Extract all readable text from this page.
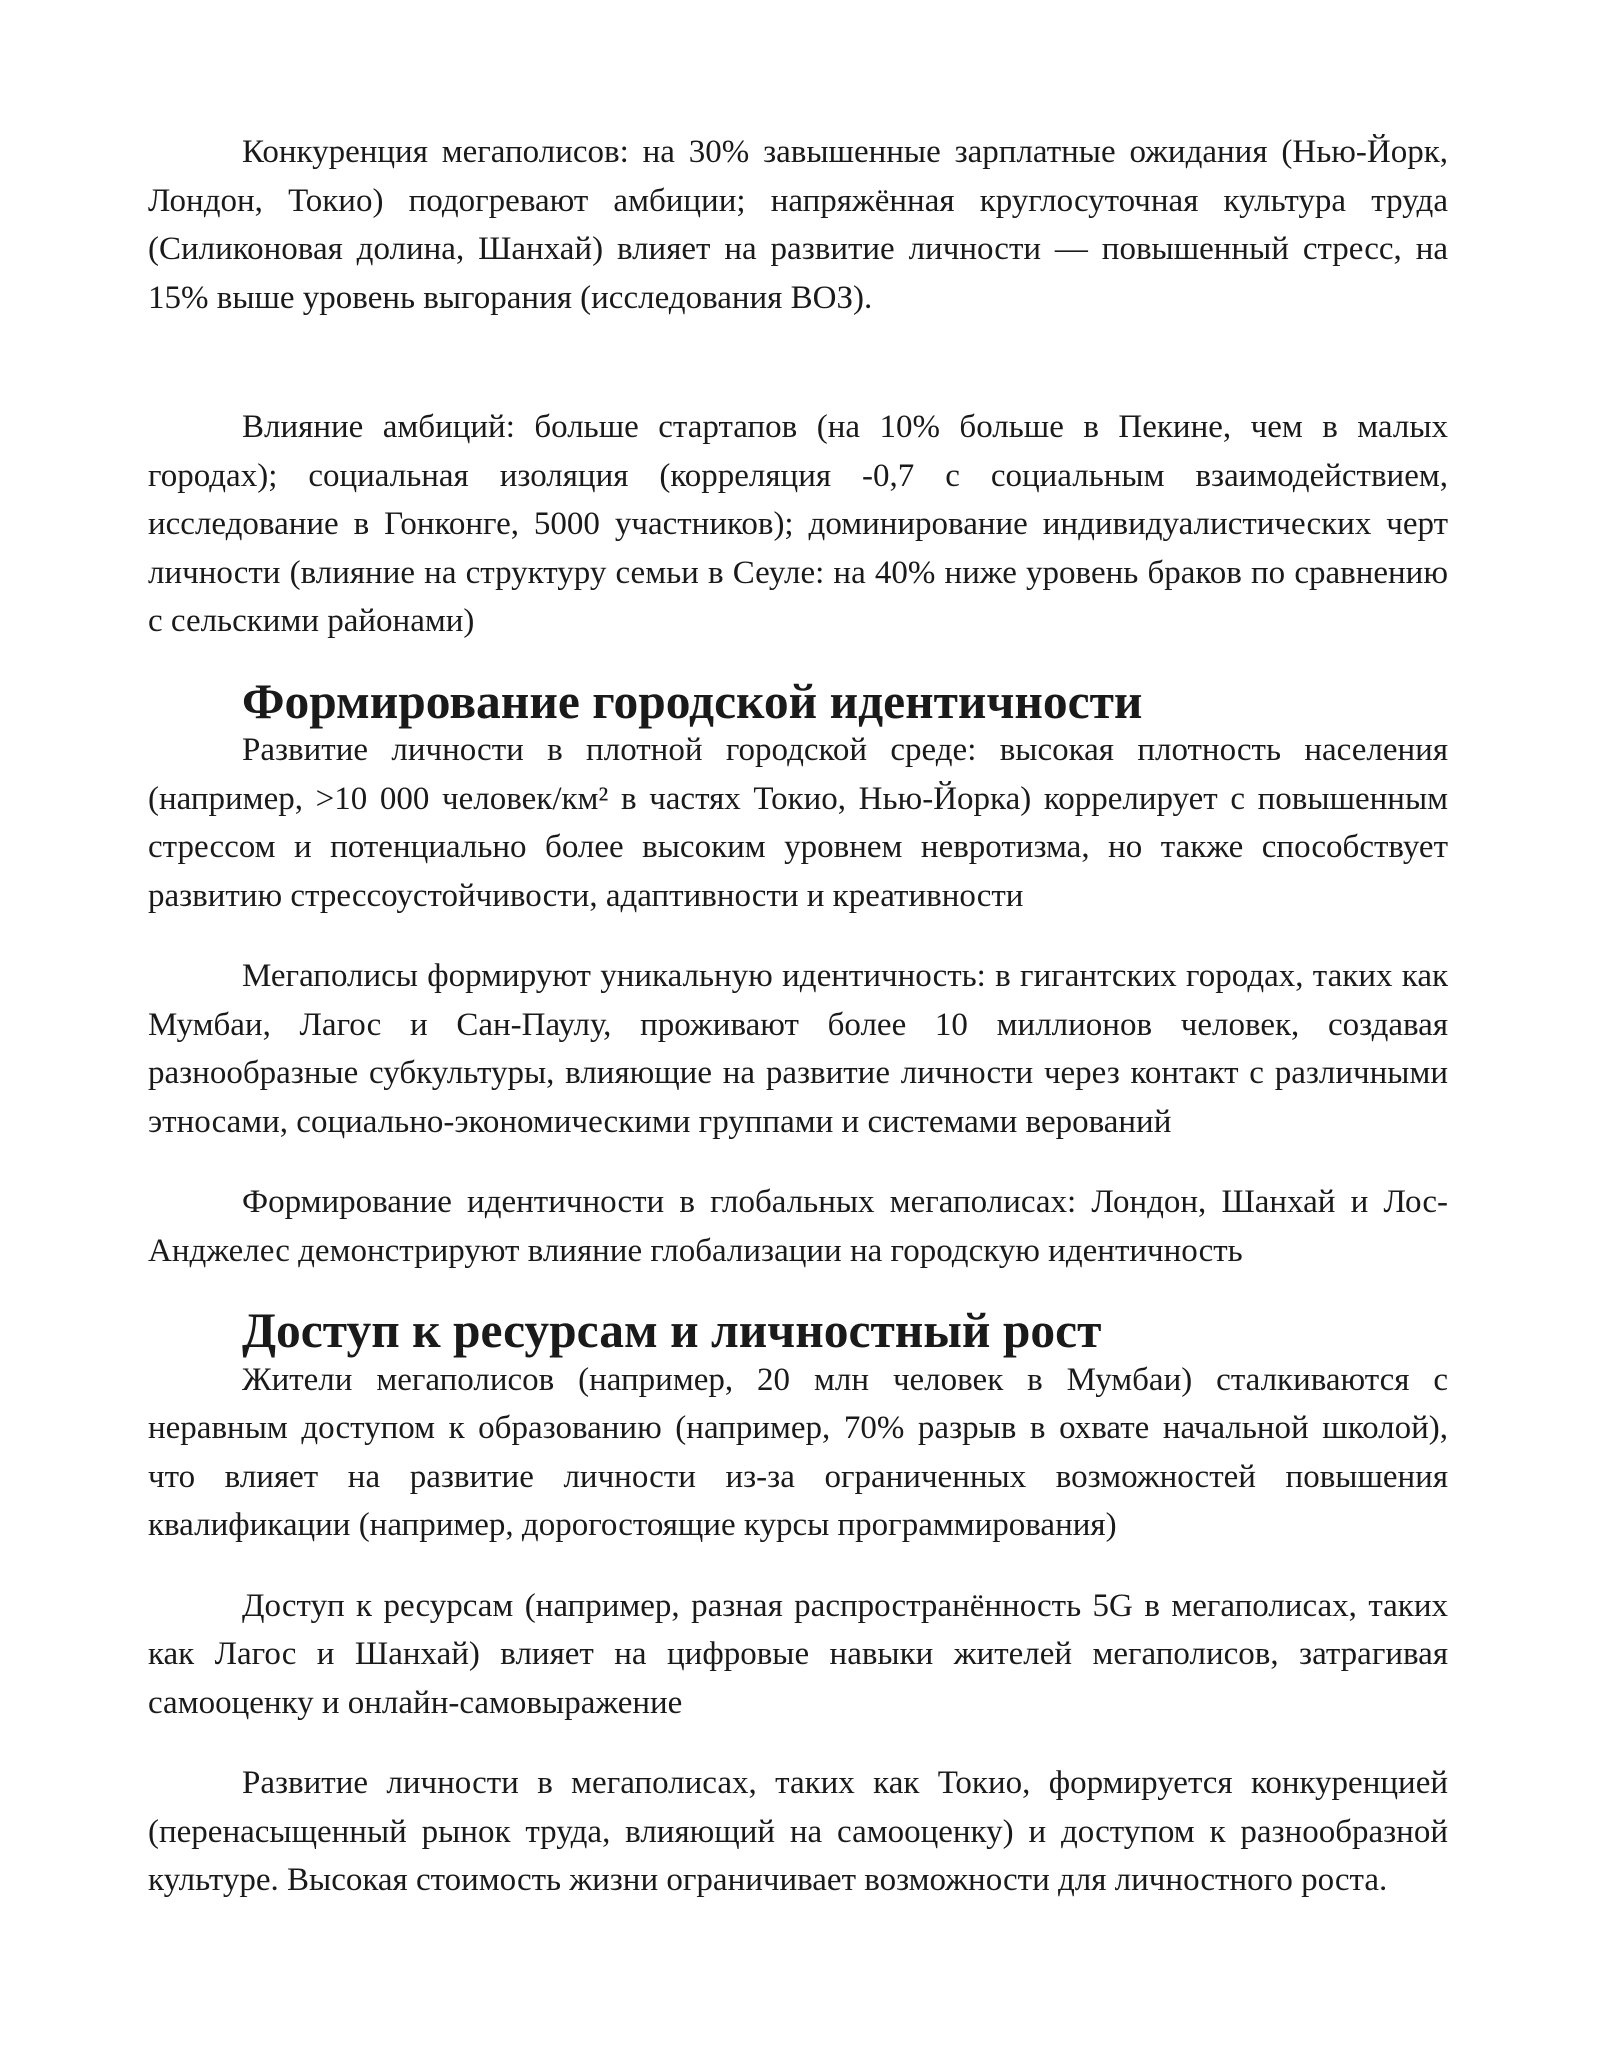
Конкуренция мегаполисов: на 30% завышенные зарплатные ожидания (Нью-Йорк, Лондон, Токио) подогревают амбиции; напряжённая круглосуточная культура труда (Силиконовая долина, Шанхай) влияет на развитие личности — повышенный стресс, на 15% выше уровень выгорания (исследования ВОЗ).

Влияние амбиций: больше стартапов (на 10% больше в Пекине, чем в малых городах); социальная изоляция (корреляция -0,7 с социальным взаимодействием, исследование в Гонконге, 5000 участников); доминирование индивидуалистических черт личности (влияние на структуру семьи в Сеуле: на 40% ниже уровень браков по сравнению с сельскими районами)

Формирование городской идентичности

Развитие личности в плотной городской среде: высокая плотность населения (например, >10 000 человек/км² в частях Токио, Нью-Йорка) коррелирует с повышенным стрессом и потенциально более высоким уровнем невротизма, но также способствует развитию стрессоустойчивости, адаптивности и креативности

Мегаполисы формируют уникальную идентичность: в гигантских городах, таких как Мумбаи, Лагос и Сан-Паулу, проживают более 10 миллионов человек, создавая разнообразные субкультуры, влияющие на развитие личности через контакт с различными этносами, социально-экономическими группами и системами верований

Формирование идентичности в глобальных мегаполисах: Лондон, Шанхай и Лос-Анджелес демонстрируют влияние глобализации на городскую идентичность

Доступ к ресурсам и личностный рост

Жители мегаполисов (например, 20 млн человек в Мумбаи) сталкиваются с неравным доступом к образованию (например, 70% разрыв в охвате начальной школой), что влияет на развитие личности из-за ограниченных возможностей повышения квалификации (например, дорогостоящие курсы программирования)

Доступ к ресурсам (например, разная распространённость 5G в мегаполисах, таких как Лагос и Шанхай) влияет на цифровые навыки жителей мегаполисов, затрагивая самооценку и онлайн-самовыражение

Развитие личности в мегаполисах, таких как Токио, формируется конкуренцией (перенасыщенный рынок труда, влияющий на самооценку) и доступом к разнообразной культуре. Высокая стоимость жизни ограничивает возможности для личностного роста.
